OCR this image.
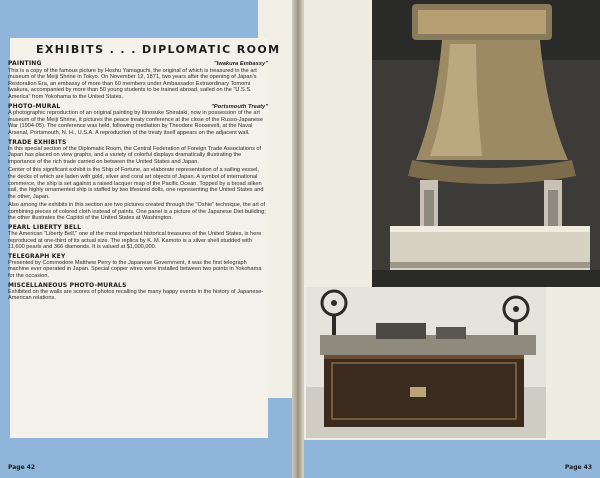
EXHIBITS . . . DIPLOMATIC ROOM
PAINTING	"Iwakura Embassy"

This is a copy of the famous picture by Hoshu Yamaguchi, the original of which is treasured in the art museum of the Meiji Shrine in Tokyo. On November 12, 1871, two years after the opening of Japan's Restoration Era, an embassy of more than 60 members under Ambassador Extraordinary Tomomi Iwakura, accompanied by more than 50 young students to be trained abroad, sailed on the "U.S.S. America" from Yokohama to the United States.

PHOTO-MURAL	"Portsmouth Treaty"

A photographic reproduction of an original painting by Itinosuke Shirataki, now in possession of the art museum of the Meiji Shrine, it pictures the peace treaty conference at the close of the Russo-Japanese War (1904-05). The conference was held, following mediation by Theodore Roosevelt, at the Naval Arsenal, Portsmouth, N. H., U.S.A. A reproduction of the treaty itself appears on the adjacent wall.

TRADE EXHIBITS

In this special section of the Diplomatic Room, the Central Federation of Foreign Trade Associations of Japan has placed on view graphs, and a variety of colorful displays dramatically illustrating the importance of the rich trade carried on between the United States and Japan.

Center of this significant exhibit is the Ship of Fortune, an elaborate representation of a sailing vessel, the decks of which are laden with gold, silver and coral art objects of Japan. A symbol of international commerce, the ship is set against a raised lacquer map of the Pacific Ocean. Topped by a broad silken sail, the highly ornamented ship is staffed by two lifesized dolls, one representing the United States and the other, Japan.

Also among the exhibits in this section are two pictures created through the "Oshie" technique, the art of combining pieces of colored cloth instead of paints. One panel is a picture of the Japanese Diet building; the other illustrates the Capitol of the United States at Washington.

PEARL LIBERTY BELL

The American "Liberty Bell," one of the most important historical treasures of the United States, is here reproduced at one-third of its actual size. The replica by K. M. Kamoto is a silver shell studded with 11,600 pearls and 366 diamonds. It is valued at $1,000,000.

TELEGRAPH KEY

Presented by Commodore Matthew Perry to the Japanese Government, it was the first telegraph machine ever operated in Japan. Special copper wires were installed between two points in Yokohama for the occasion.

MISCELLANEOUS PHOTO-MURALS

Exhibited on the walls are scores of photos recalling the many happy events in the history of Japanese-American relations.

Page 42	Page 43
